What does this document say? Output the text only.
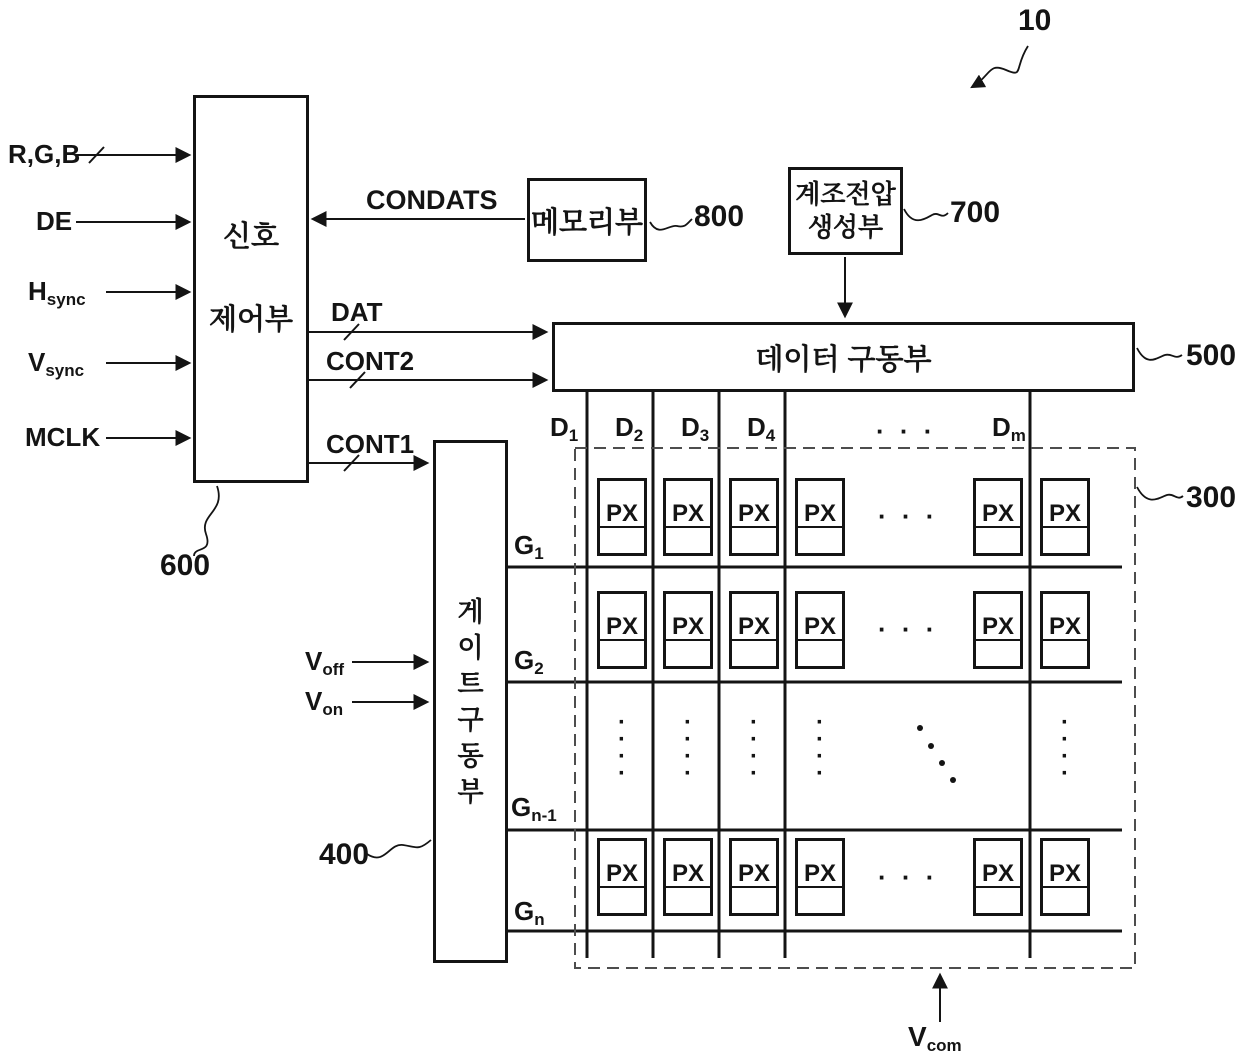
신호
제어부
메모리부
계조전압
생성부
데이터 구동부
게
이
트
구
동
부
R,G,B
DE
Hsync
Vsync
MCLK
CONDATS
DAT
CONT2
CONT1
Voff
Von
Vcom
D1 D2 D3 D4	Dm
G1
G2
Gn-1
Gn
10
600
800	700
500
300
400
PX PX PX PX	PX PX
PX PX PX PX	PX PX
PX PX PX PX	PX PX
· · ·
· · ·
· · ·
· · ·
·
·
·
·
·
·
·
·
·
·
·
·
·
·
·
·
·
·
·
·
